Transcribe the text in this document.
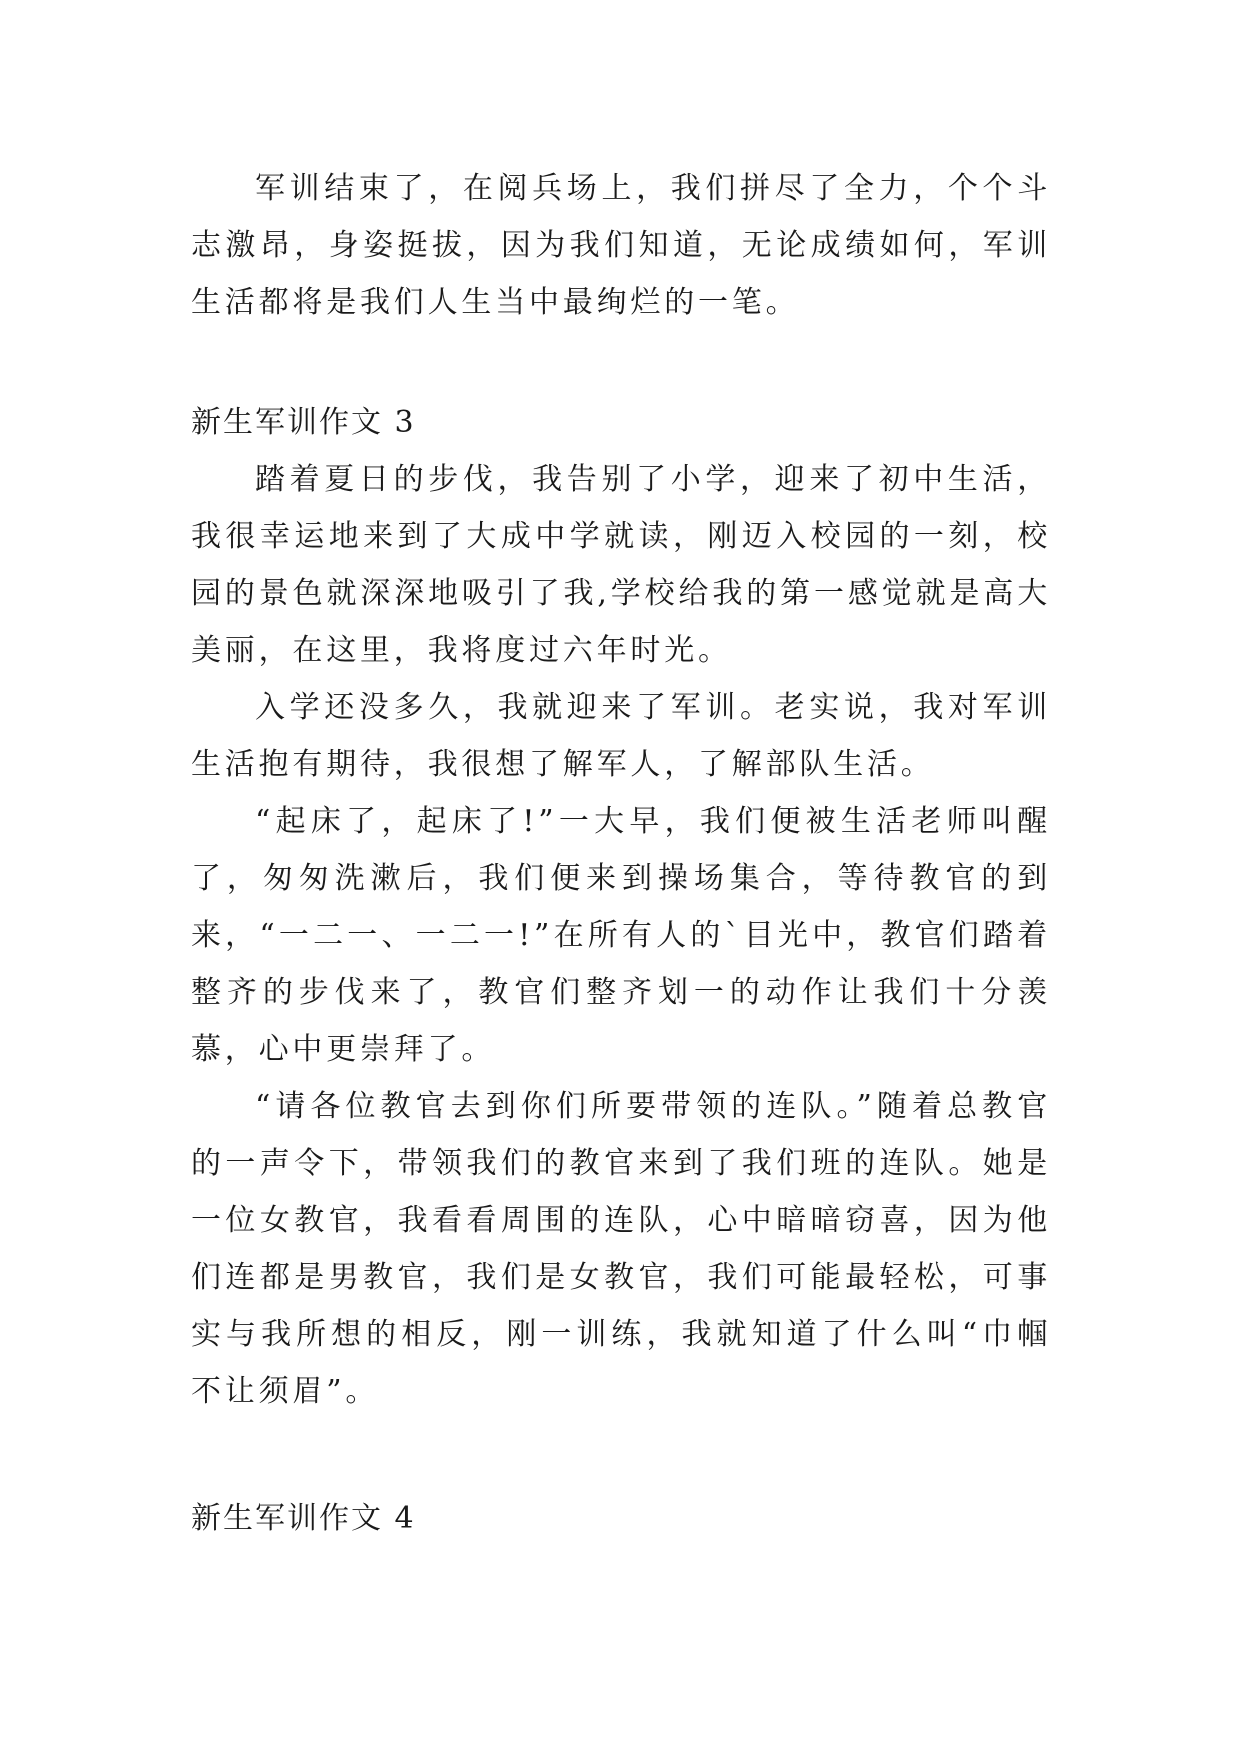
军训结束了，在阅兵场上，我们拼尽了全力，个个斗志激昂，身姿挺拔，因为我们知道，无论成绩如何，军训生活都将是我们人生当中最绚烂的一笔。

新生军训作文 3

踏着夏日的步伐，我告别了小学，迎来了初中生活，我很幸运地来到了大成中学就读，刚迈入校园的一刻，校园的景色就深深地吸引了我,学校给我的第一感觉就是高大美丽，在这里，我将度过六年时光。

入学还没多久，我就迎来了军训。老实说，我对军训生活抱有期待，我很想了解军人，了解部队生活。

“起床了，起床了!”一大早，我们便被生活老师叫醒了，匆匆洗漱后，我们便来到操场集合，等待教官的到来，“一二一、一二一!”在所有人的`目光中，教官们踏着整齐的步伐来了，教官们整齐划一的动作让我们十分羡慕，心中更崇拜了。

“请各位教官去到你们所要带领的连队。”随着总教官的一声令下，带领我们的教官来到了我们班的连队。她是一位女教官，我看看周围的连队，心中暗暗窃喜，因为他们连都是男教官，我们是女教官，我们可能最轻松，可事实与我所想的相反，刚一训练，我就知道了什么叫“巾帼不让须眉”。

新生军训作文 4
